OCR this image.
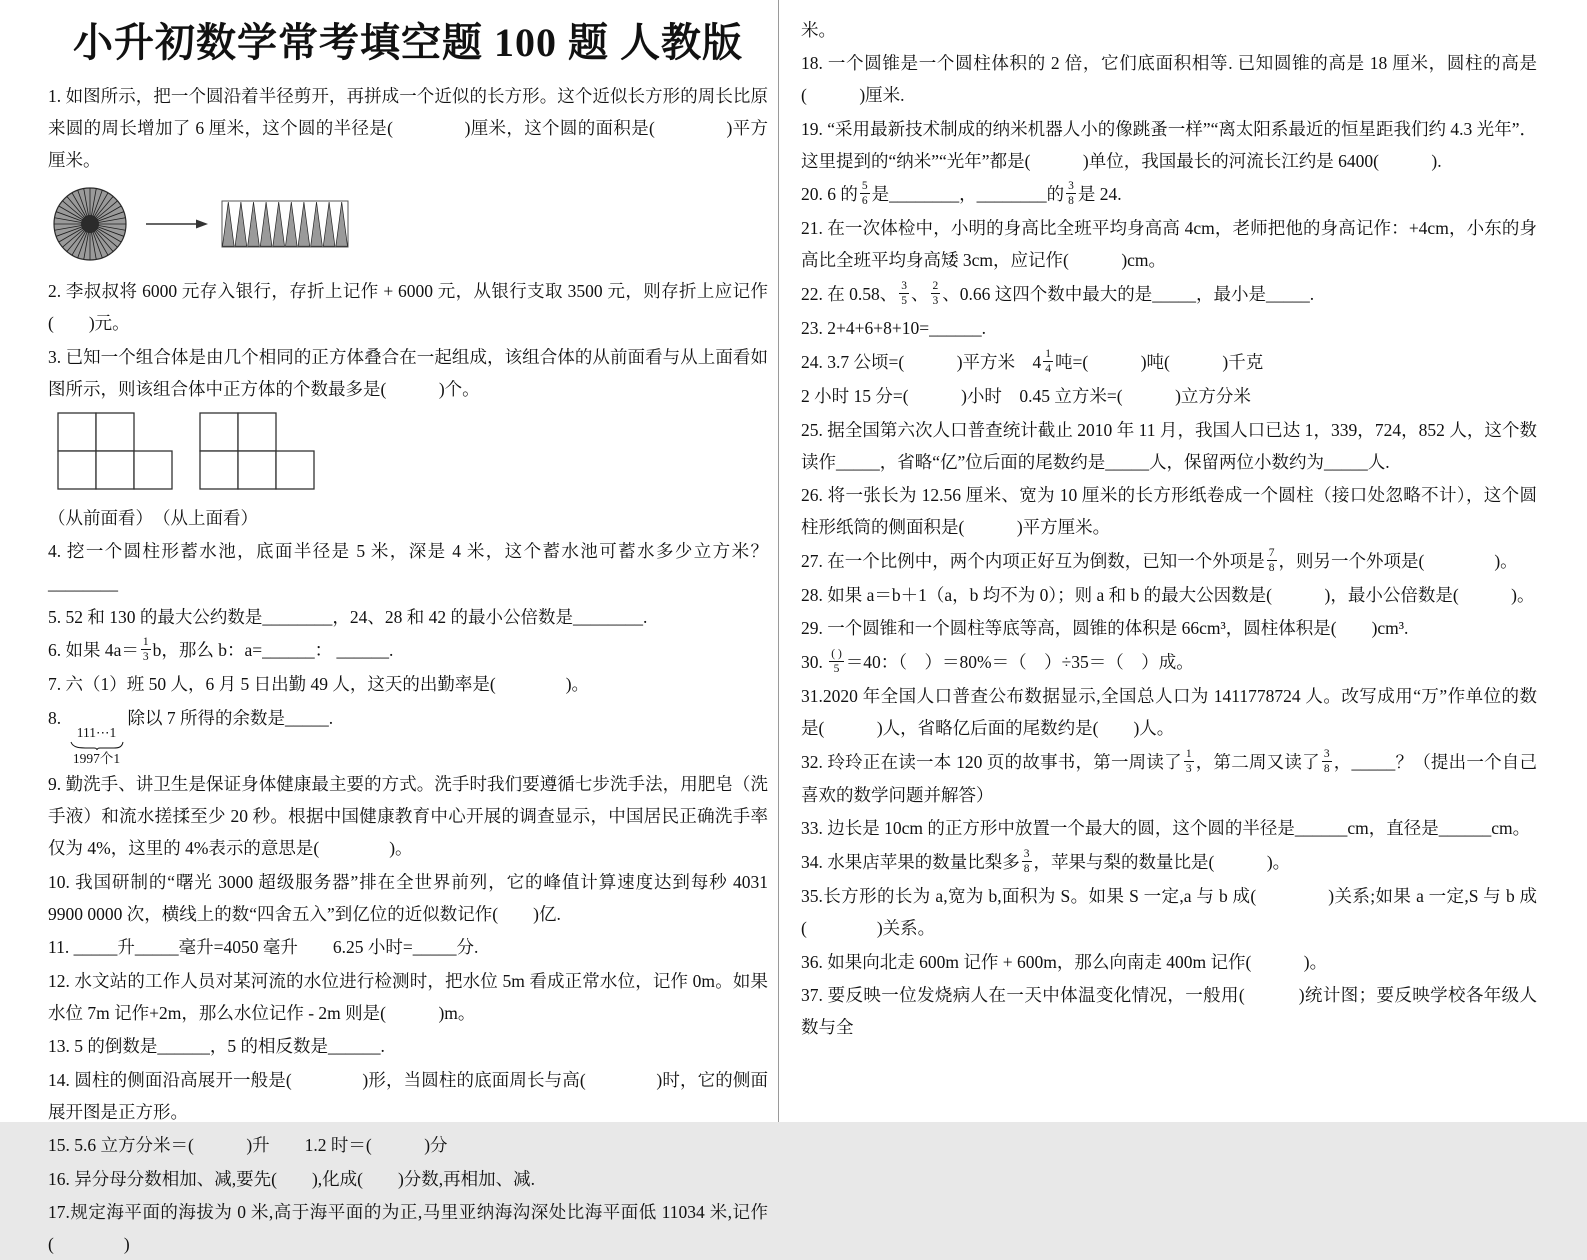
小升初数学常考填空题 100 题 人教版

1. 如图所示，把一个圆沿着半径剪开，再拼成一个近似的长方形。这个近似长方形的周长比原来圆的周长增加了 6 厘米，这个圆的半径是(　　　　)厘米，这个圆的面积是(　　　　)平方厘米。

2. 李叔叔将 6000 元存入银行，存折上记作 + 6000 元，从银行支取 3500 元，则存折上应记作(　　)元。

3. 已知一个组合体是由几个相同的正方体叠合在一起组成，该组合体的从前面看与从上面看如图所示，则该组合体中正方体的个数最多是(　　　)个。

（从前面看）　（从上面看）

4. 挖一个圆柱形蓄水池，底面半径是 5 米，深是 4 米，这个蓄水池可蓄水多少立方米？________

5. 52 和 130 的最大公约数是________，24、28 和 42 的最小公倍数是________.

6. 如果 $4a= \frac{1}{3}$ b，那么 b：a=______： ______.

7. 六（1）班 50 人，6 月 5 日出勤 49 人，这天的出勤率是(　　　　)。

8.
111⋯1
1997个1
除以 7 所得的余数是_____.

9. 勤洗手、讲卫生是保证身体健康最主要的方式。洗手时我们要遵循七步洗手法，用肥皂（洗手液）和流水搓揉至少 20 秒。根据中国健康教育中心开展的调查显示，中国居民正确洗手率仅为 4%，这里的 4%表示的意思是(　　　　)。

10. 我国研制的“曙光 3000 超级服务器”排在全世界前列，它的峰值计算速度达到每秒 4031 9900 0000 次，横线上的数“四舍五入”到亿位的近似数记作(　　)亿.

11. _____升_____毫升=4050 毫升　　6.25 小时=_____分.

12. 水文站的工作人员对某河流的水位进行检测时，把水位 5m 看成正常水位，记作 0m。如果水位 7m 记作+2m，那么水位记作 - 2m 则是(　　　)m。

13. 5 的倒数是______，5 的相反数是______.

14. 圆柱的侧面沿高展开一般是(　　　　)形，当圆柱的底面周长与高(　　　　)时，它的侧面展开图是正方形。

15. 5.6 立方分米＝(　　　)升　　1.2 时＝(　　　)分

16. 异分母分数相加、减,要先(　　),化成(　　)分数,再相加、减.

17.规定海平面的海拔为 0 米,高于海平面的为正,马里亚纳海沟深处比海平面低 11034 米,记作(　　　　)

米。

18. 一个圆锥是一个圆柱体积的 2 倍，它们底面积相等. 已知圆锥的高是 18 厘米，圆柱的高是(　　　)厘米.

19. “采用最新技术制成的纳米机器人小的像跳蚤一样”“离太阳系最近的恒星距我们约 4.3 光年”．这里提到的“纳米”“光年”都是(　　　)单位，我国最长的河流长江约是 6400(　　　).

20. 6 的 $\frac{5}{6}$ 是________，________的 $\frac{3}{8}$ 是 24.

21. 在一次体检中，小明的身高比全班平均身高高 4cm，老师把他的身高记作：+4cm，小东的身高比全班平均身高矮 3cm，应记作(　　　)cm。

22. 在 0.58、 $\frac{3}{5}$ 、 $\frac{2}{3}$ 、0.66 这四个数中最大的是_____，最小是_____.

23. 2+4+6+8+10=______.

24. 3.7 公顷=(　　　)平方米　$4 \frac{1}{4}$ 吨=(　　　)吨(　　　)千克

2 小时 15 分=(　　　)小时　0.45 立方米=(　　　)立方分米

25. 据全国第六次人口普查统计截止 2010 年 11 月，我国人口已达 1，339，724，852 人，这个数读作_____，省略“亿”位后面的尾数约是_____人，保留两位小数约为_____人.

26. 将一张长为 12.56 厘米、宽为 10 厘米的长方形纸卷成一个圆柱（接口处忽略不计），这个圆柱形纸筒的侧面积是(　　　)平方厘米。

27. 在一个比例中，两个内项正好互为倒数，已知一个外项是 $\frac{7}{8}$ ，则另一个外项是(　　　　)。

28. 如果 a＝b＋1（a，b 均不为 0）；则 a 和 b 的最大公因数是(　　　)，最小公倍数是(　　　)。

29. 一个圆锥和一个圆柱等底等高，圆锥的体积是 66cm³，圆柱体积是(　　)cm³.

30. ( )
5 ＝40：（　）＝80%＝（　）÷35＝（　）成。

31.2020 年全国人口普查公布数据显示,全国总人口为 1411778724 人。改写成用“万”作单位的数是(　　　)人，省略亿后面的尾数约是(　　)人。

32. 玲玲正在读一本 120 页的故事书，第一周读了 $\frac{1}{3}$ ，第二周又读了 $\frac{3}{8}$ ，_____？（提出一个自己喜欢的数学问题并解答）

33. 边长是 10cm 的正方形中放置一个最大的圆，这个圆的半径是______cm，直径是______cm。

34. 水果店苹果的数量比梨多 $\frac{3}{8}$ ，苹果与梨的数量比是(　　　)。

35.长方形的长为 a,宽为 b,面积为 S。如果 S 一定,a 与 b 成(　　　　)关系;如果 a 一定,S 与 b 成(　　　　)关系。

36. 如果向北走 600m 记作 + 600m，那么向南走 400m 记作(　　　)。

37. 要反映一位发烧病人在一天中体温变化情况，一般用(　　　)统计图；要反映学校各年级人数与全
